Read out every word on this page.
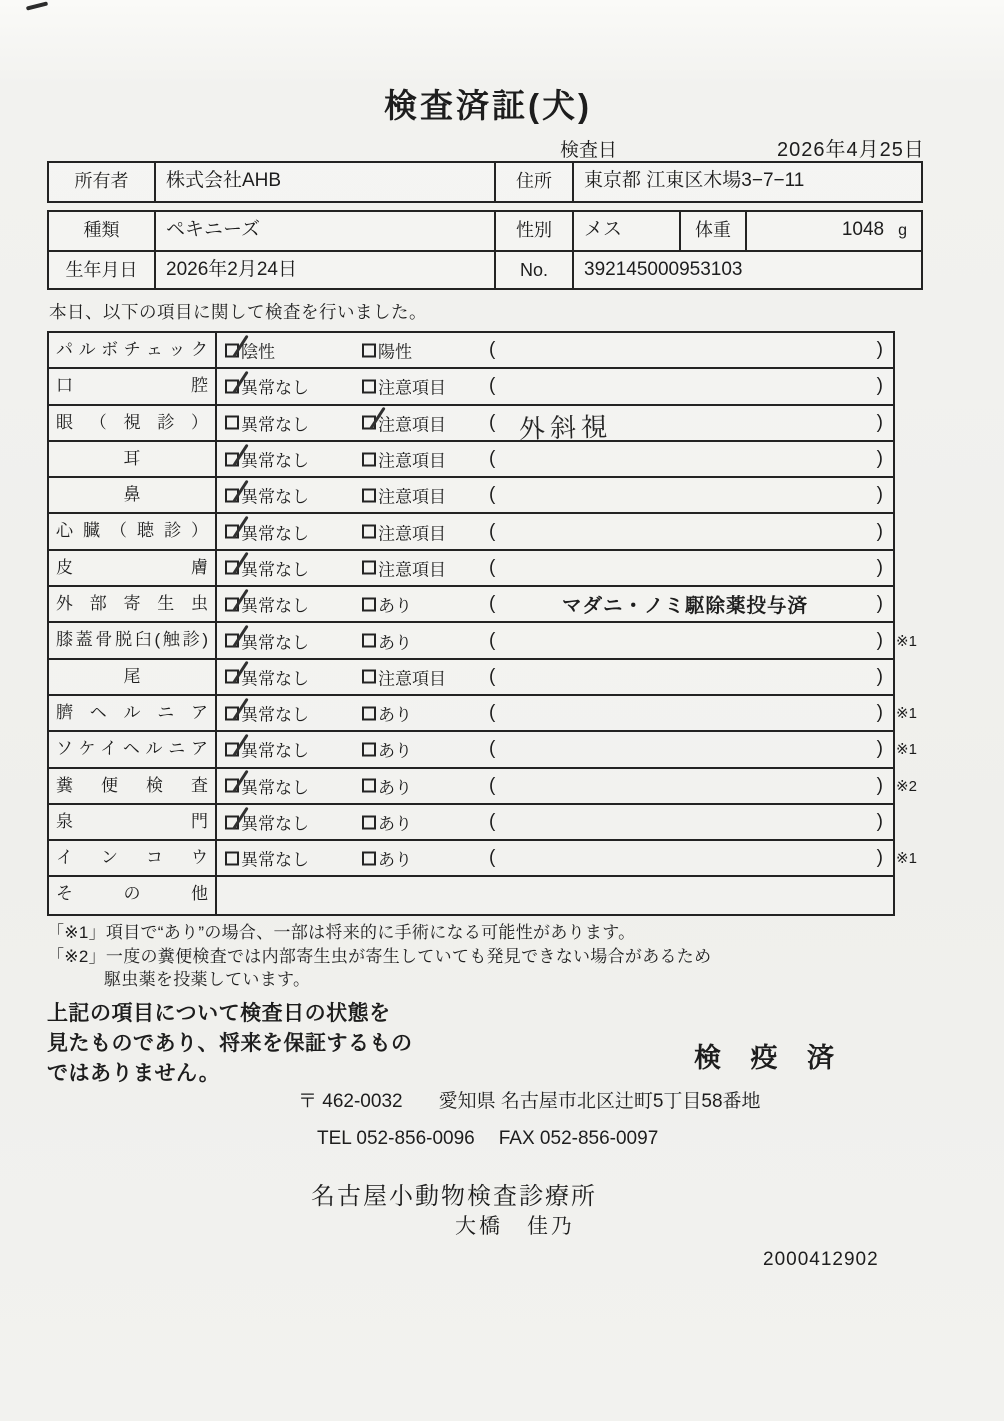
検査済証(犬)
検査日	2026年4月25日
所有者	株式会社AHB	住所	東京都 江東区木場3−7−11
種類	ペキニーズ	性別	メス	体重	1048 g
生年月日	2026年2月24日	No.	392145000953103
本日、以下の項目に関して検査を行いました。
パルボチェック	陰性	陽性	(	)
口腔	異常なし	注意項目 (	)
眼（視診）	異常なし	注意項目 ( 外斜視	)
耳	異常なし	注意項目 (	)
鼻	異常なし	注意項目 (	)
心臓（聴診）	異常なし	注意項目 (	)
皮膚	異常なし	注意項目 (	)
外部寄生虫	異常なし	あり	(	マダニ・ノミ駆除薬投与済	)
膝蓋骨脱臼(触診)	異常なし	あり	(	) ※1
尾	異常なし	注意項目 (	)
臍ヘルニア	異常なし	あり	(	) ※1
ソケイヘルニア	異常なし	あり	(	) ※1
糞便検査	異常なし	あり	(	) ※2
泉門	異常なし	あり	(	)
インコウ	異常なし	あり	(	) ※1
その他
「※1」項目で“あり”の場合、一部は将来的に手術になる可能性があります。
「※2」一度の糞便検査では内部寄生虫が寄生していても発見できない場合があるため
駆虫薬を投薬しています。
上記の項目について検査日の状態を
見たものであり、将来を保証するもの
ではありません。
検 疫 済
〒 462-0032 愛知県 名古屋市北区辻町5丁目58番地
TEL 052-856-0096 FAX 052-856-0097
名古屋小動物検査診療所
大橋　佳乃
2000412902
